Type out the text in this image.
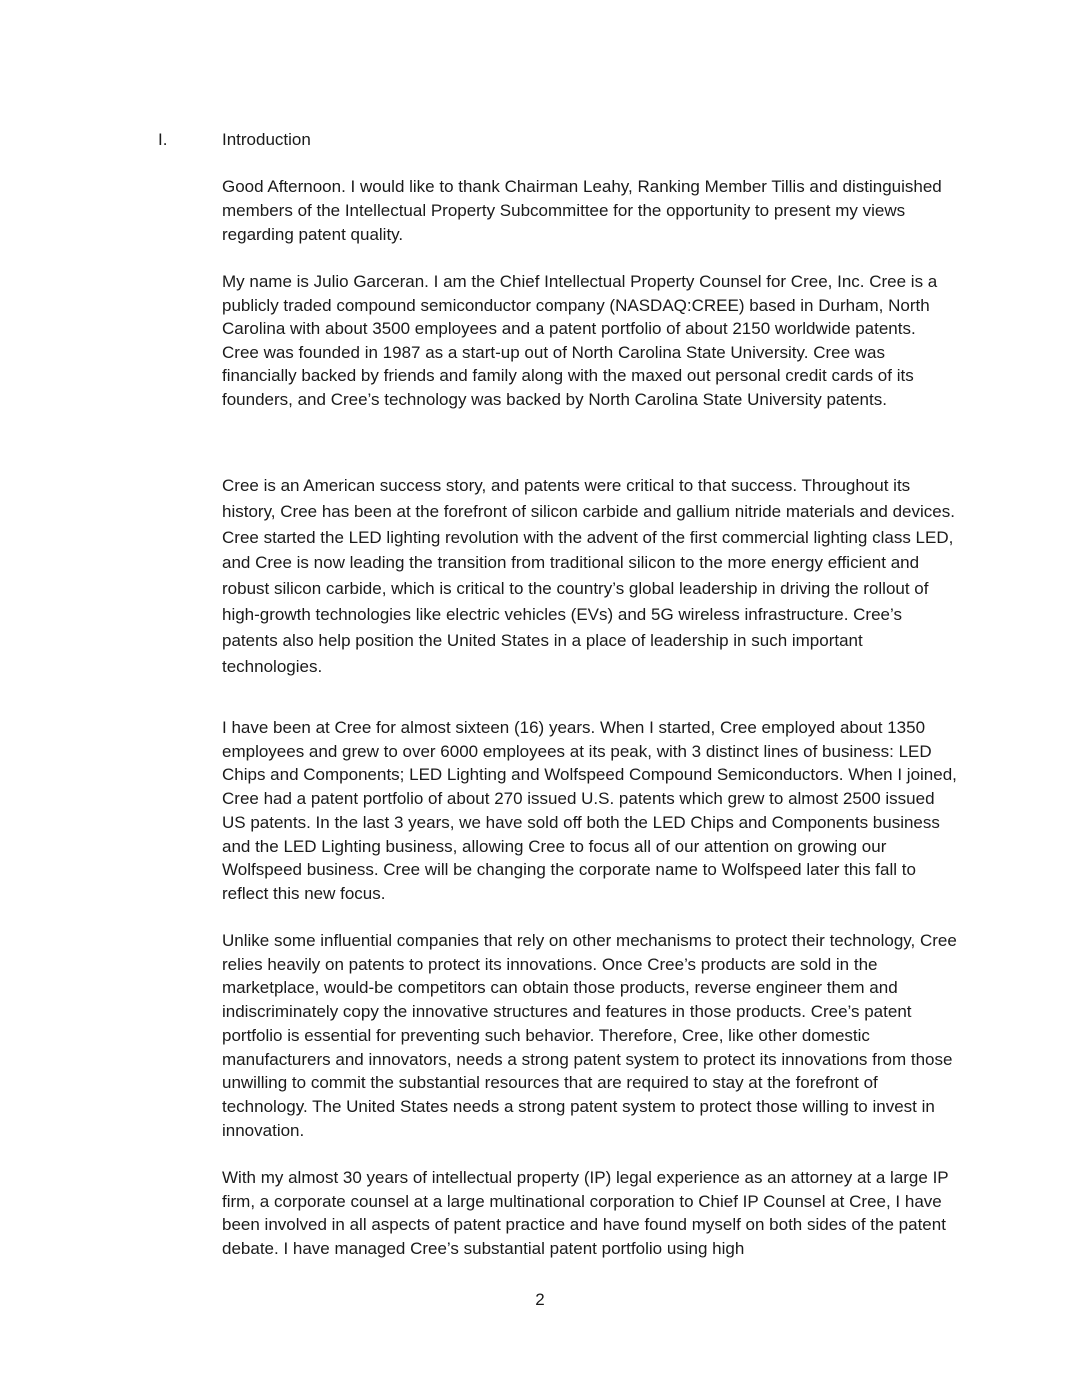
I.	Introduction

Good Afternoon. I would like to thank Chairman Leahy, Ranking Member Tillis and distinguished members of the Intellectual Property Subcommittee for the opportunity to present my views regarding patent quality.

My name is Julio Garceran. I am the Chief Intellectual Property Counsel for Cree, Inc. Cree is a publicly traded compound semiconductor company (NASDAQ:CREE) based in Durham, North Carolina with about 3500 employees and a patent portfolio of about 2150 worldwide patents. Cree was founded in 1987 as a start-up out of North Carolina State University. Cree was financially backed by friends and family along with the maxed out personal credit cards of its founders, and Cree’s technology was backed by North Carolina State University patents.

Cree is an American success story, and patents were critical to that success. Throughout its history, Cree has been at the forefront of silicon carbide and gallium nitride materials and devices. Cree started the LED lighting revolution with the advent of the first commercial lighting class LED, and Cree is now leading the transition from traditional silicon to the more energy efficient and robust silicon carbide, which is critical to the country’s global leadership in driving the rollout of high-growth technologies like electric vehicles (EVs) and 5G wireless infrastructure. Cree’s patents also help position the United States in a place of leadership in such important technologies.

I have been at Cree for almost sixteen (16) years. When I started, Cree employed about 1350 employees and grew to over 6000 employees at its peak, with 3 distinct lines of business: LED Chips and Components; LED Lighting and Wolfspeed Compound Semiconductors. When I joined, Cree had a patent portfolio of about 270 issued U.S. patents which grew to almost 2500 issued US patents. In the last 3 years, we have sold off both the LED Chips and Components business and the LED Lighting business, allowing Cree to focus all of our attention on growing our Wolfspeed business. Cree will be changing the corporate name to Wolfspeed later this fall to reflect this new focus.

Unlike some influential companies that rely on other mechanisms to protect their technology, Cree relies heavily on patents to protect its innovations. Once Cree’s products are sold in the marketplace, would-be competitors can obtain those products, reverse engineer them and indiscriminately copy the innovative structures and features in those products. Cree’s patent portfolio is essential for preventing such behavior. Therefore, Cree, like other domestic manufacturers and innovators, needs a strong patent system to protect its innovations from those unwilling to commit the substantial resources that are required to stay at the forefront of technology. The United States needs a strong patent system to protect those willing to invest in innovation.

With my almost 30 years of intellectual property (IP) legal experience as an attorney at a large IP firm, a corporate counsel at a large multinational corporation to Chief IP Counsel at Cree, I have been involved in all aspects of patent practice and have found myself on both sides of the patent debate. I have managed Cree’s substantial patent portfolio using high

2
